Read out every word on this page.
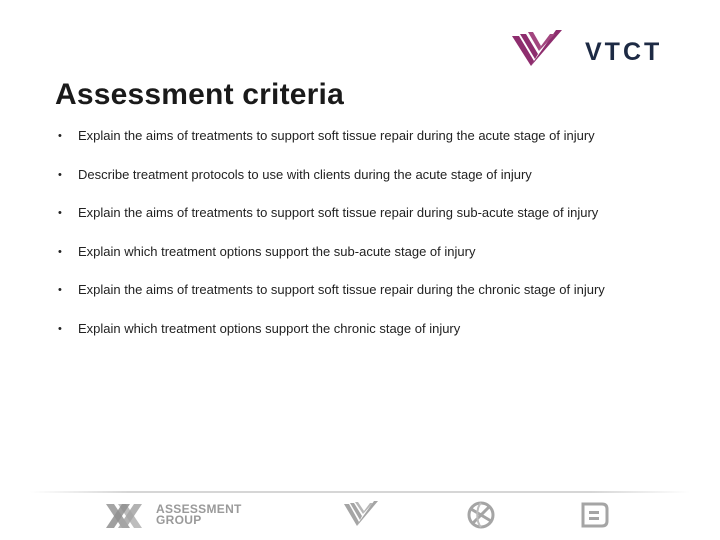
VTCT
Assessment criteria
• Explain the aims of treatments to support soft tissue repair during the acute stage of injury
• Describe treatment protocols to use with clients during the acute stage of injury
• Explain the aims of treatments to support soft tissue repair during sub-acute stage of injury
• Explain which treatment options support the sub-acute stage of injury
• Explain the aims of treatments to support soft tissue repair during the chronic stage of injury
• Explain which treatment options support the chronic stage of injury
ASSESSMENT
GROUP
